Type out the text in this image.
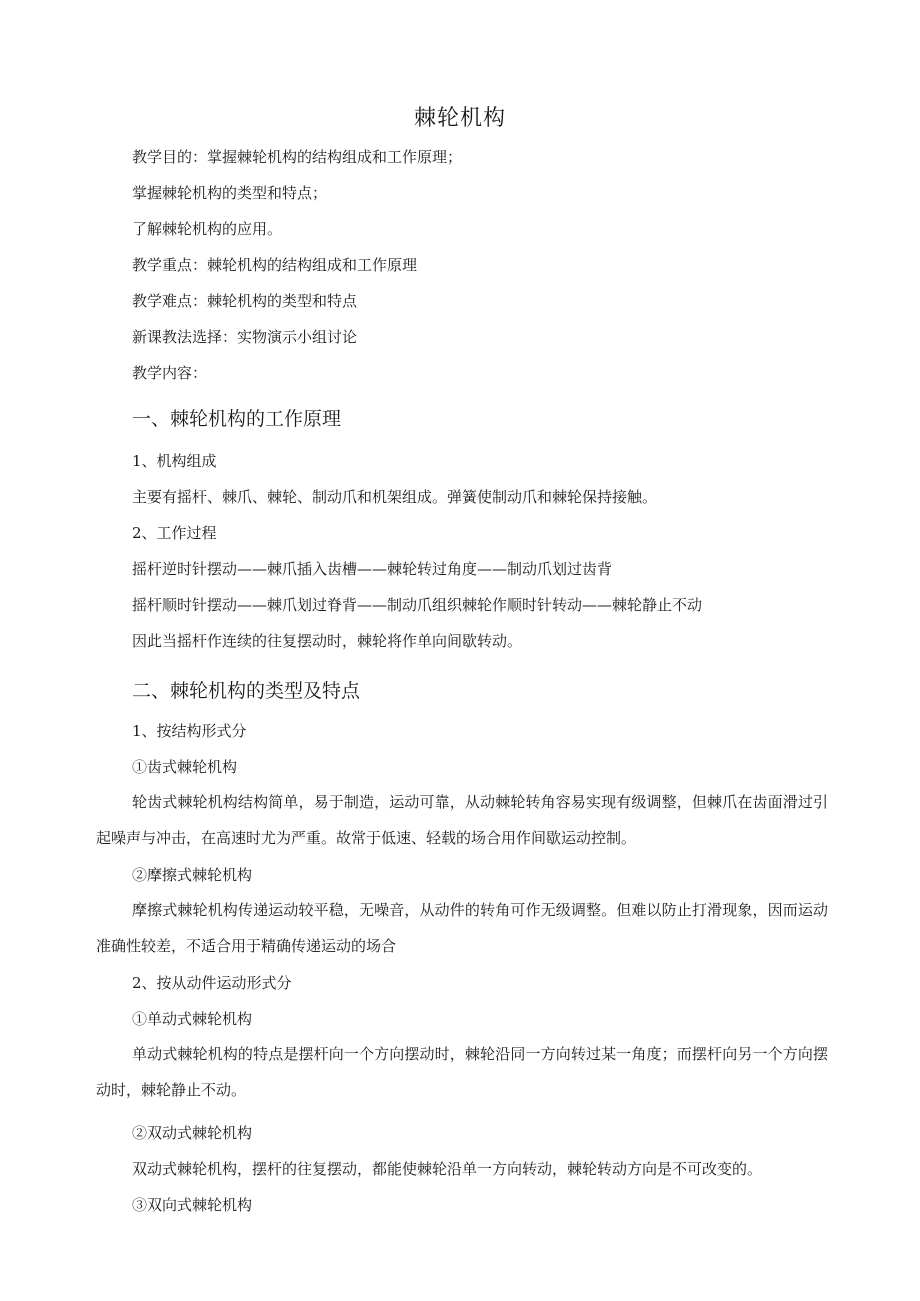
棘轮机构
教学目的：掌握棘轮机构的结构组成和工作原理；
掌握棘轮机构的类型和特点；
了解棘轮机构的应用。
教学重点：棘轮机构的结构组成和工作原理
教学难点：棘轮机构的类型和特点
新课教法选择：实物演示小组讨论
教学内容：
一、棘轮机构的工作原理
1、机构组成
主要有摇杆、棘爪、棘轮、制动爪和机架组成。弹簧使制动爪和棘轮保持接触。
2、工作过程
摇杆逆时针摆动——棘爪插入齿槽——棘轮转过角度——制动爪划过齿背
摇杆顺时针摆动——棘爪划过脊背——制动爪组织棘轮作顺时针转动——棘轮静止不动
因此当摇杆作连续的往复摆动时，棘轮将作单向间歇转动。
二、棘轮机构的类型及特点
1、按结构形式分
①齿式棘轮机构
轮齿式棘轮机构结构简单，易于制造，运动可靠，从动棘轮转角容易实现有级调整，但棘爪在齿面滑过引起噪声与冲击，在高速时尤为严重。故常于低速、轻载的场合用作间歇运动控制。
②摩擦式棘轮机构
摩擦式棘轮机构传递运动较平稳，无噪音，从动件的转角可作无级调整。但难以防止打滑现象，因而运动准确性较差，不适合用于精确传递运动的场合
2、按从动件运动形式分
①单动式棘轮机构
单动式棘轮机构的特点是摆杆向一个方向摆动时，棘轮沿同一方向转过某一角度；而摆杆向另一个方向摆动时，棘轮静止不动。
②双动式棘轮机构
双动式棘轮机构，摆杆的往复摆动，都能使棘轮沿单一方向转动，棘轮转动方向是不可改变的。
③双向式棘轮机构
